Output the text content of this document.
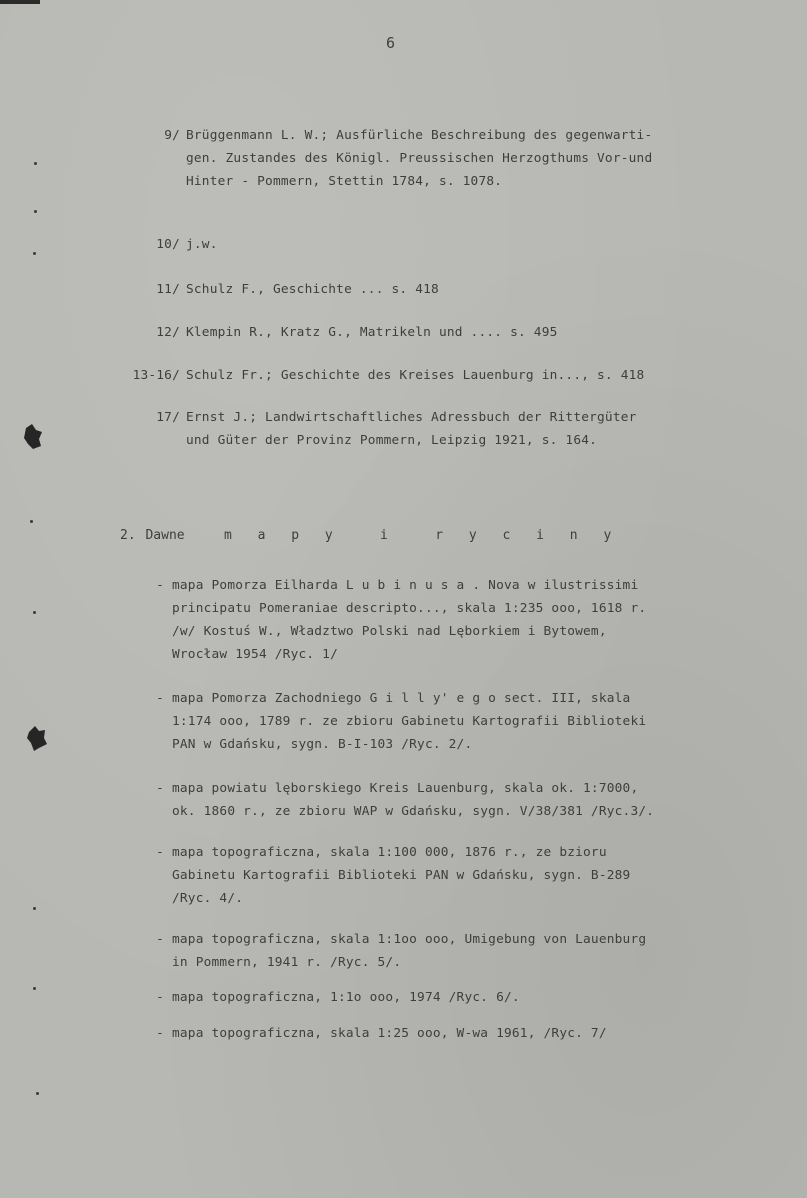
6
9/ Brüggenmann L. W.; Ausfürliche Beschreibung des gegenwarti-
gen. Zustandes des Königl. Preussischen Herzogthums Vor-und
Hinter - Pommern, Stettin 1784, s. 1078.
10/ j.w.
11/ Schulz F., Geschichte ... s. 418
12/ Klempin R., Kratz G., Matrikeln und .... s. 495
13-16/ Schulz Fr.; Geschichte des Kreises Lauenburg in..., s. 418
17/ Ernst J.; Landwirtschaftliches Adressbuch der Rittergüter
und Güter der Provinz Pommern, Leipzig 1921, s. 164.
2. Dawne	m a p y	i	r y c i n y
- mapa Pomorza Eilharda L u b i n u s a . Nova w ilustrissimi
principatu Pomeraniae descripto..., skala 1:235 ooo, 1618 r.
/w/ Kostuś W., Władztwo Polski nad Lęborkiem i Bytowem,
Wrocław 1954 /Ryc. 1/
- mapa Pomorza Zachodniego G i l l y' e g o sect. III, skala
1:174 ooo, 1789 r. ze zbioru Gabinetu Kartografii Biblioteki
PAN w Gdańsku, sygn. B-I-103 /Ryc. 2/.
- mapa powiatu lęborskiego Kreis Lauenburg, skala ok. 1:7000,
ok. 1860 r., ze zbioru WAP w Gdańsku, sygn. V/38/381 /Ryc.3/.
- mapa topograficzna, skala 1:100 000, 1876 r., ze bzioru
Gabinetu Kartografii Biblioteki PAN w Gdańsku, sygn. B-289
/Ryc. 4/.
- mapa topograficzna, skala 1:1oo ooo, Umigebung von Lauenburg
in Pommern, 1941 r. /Ryc. 5/.
- mapa topograficzna, 1:1o ooo, 1974 /Ryc. 6/.
- mapa topograficzna, skala 1:25 ooo, W-wa 1961, /Ryc. 7/
